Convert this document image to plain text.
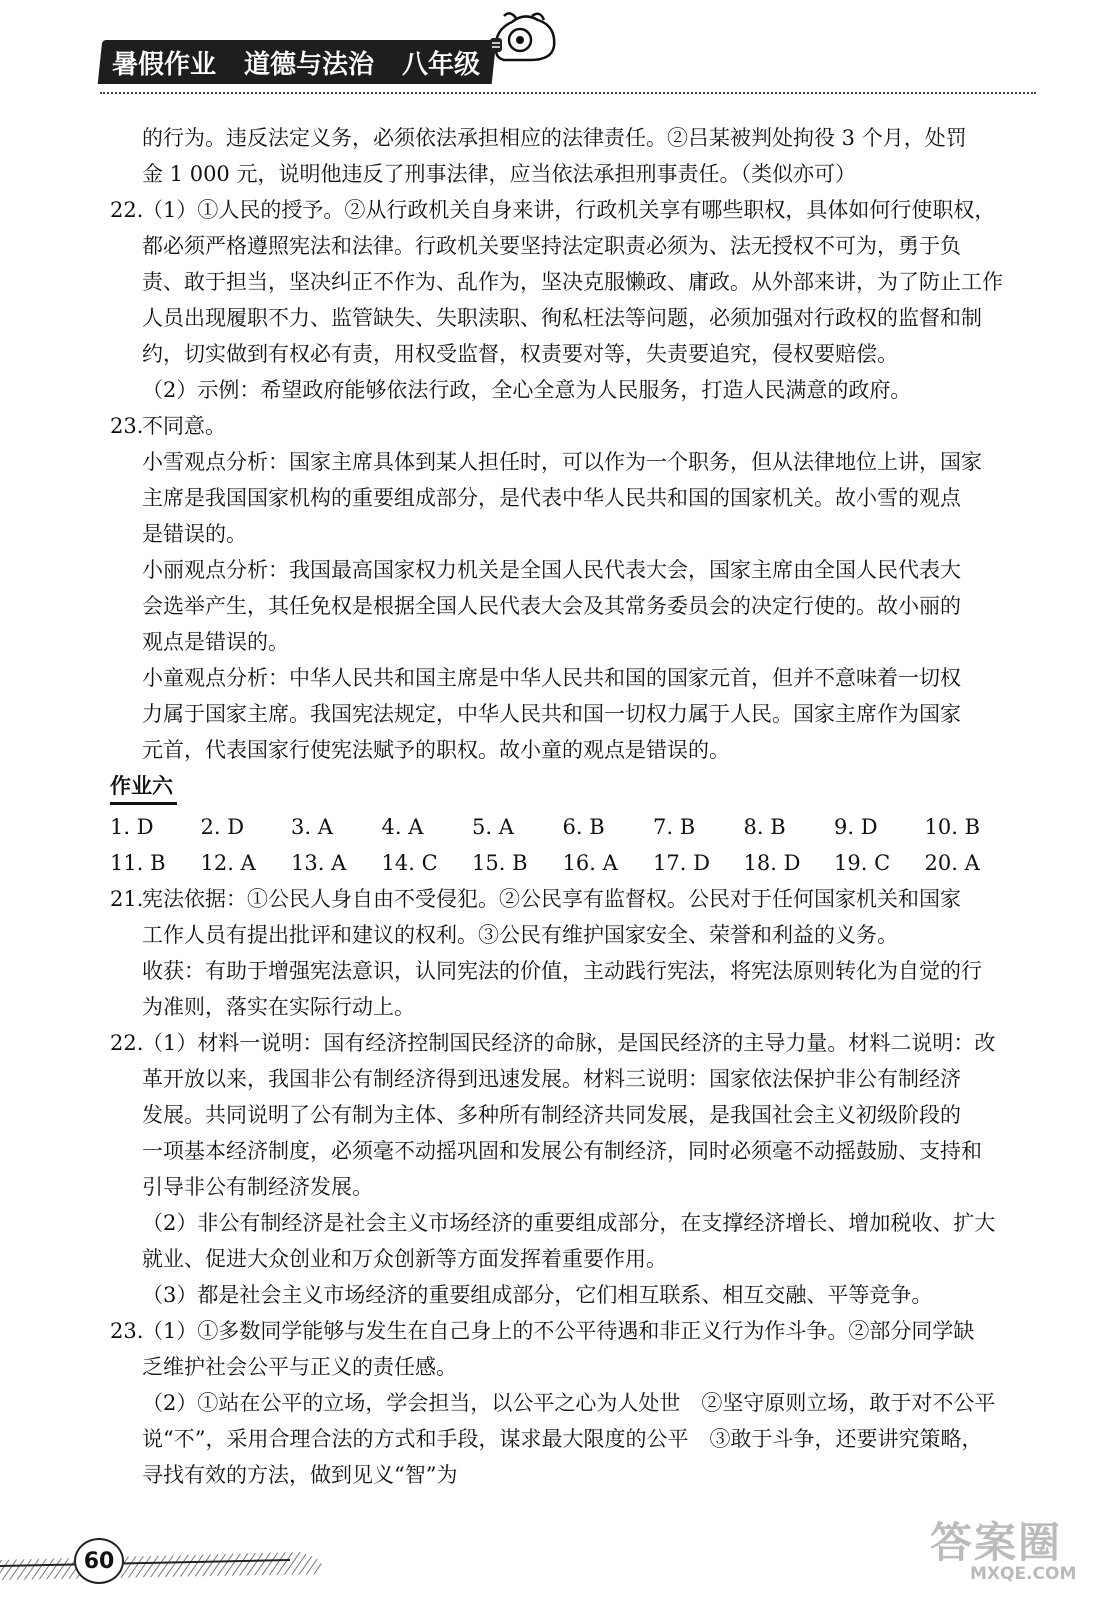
暑假作业 道德与法治 八年级

的行为。违反法定义务，必须依法承担相应的法律责任。②吕某被判处拘役 3 个月，处罚

金 1 000 元，说明他违反了刑事法律，应当依法承担刑事责任。（类似亦可）

22.

（1）①人民的授予。②从行政机关自身来讲，行政机关享有哪些职权，具体如何行使职权，

都必须严格遵照宪法和法律。行政机关要坚持法定职责必须为、法无授权不可为，勇于负

责、敢于担当，坚决纠正不作为、乱作为，坚决克服懒政、庸政。从外部来讲，为了防止工作

人员出现履职不力、监管缺失、失职渎职、徇私枉法等问题，必须加强对行政权的监督和制

约，切实做到有权必有责，用权受监督，权责要对等，失责要追究，侵权要赔偿。

（2）示例：希望政府能够依法行政，全心全意为人民服务，打造人民满意的政府。

23.

不同意。

小雪观点分析：国家主席具体到某人担任时，可以作为一个职务，但从法律地位上讲，国家

主席是我国国家机构的重要组成部分，是代表中华人民共和国的国家机关。故小雪的观点

是错误的。

小丽观点分析：我国最高国家权力机关是全国人民代表大会，国家主席由全国人民代表大

会选举产生，其任免权是根据全国人民代表大会及其常务委员会的决定行使的。故小丽的

观点是错误的。

小童观点分析：中华人民共和国主席是中华人民共和国的国家元首，但并不意味着一切权

力属于国家主席。我国宪法规定，中华人民共和国一切权力属于人民。国家主席作为国家

元首，代表国家行使宪法赋予的职权。故小童的观点是错误的。

作业六
1. D	2. D	3. A	4. A	5. A	6. B	7. B	8. B	9. D	10. B
11. B	12. A	13. A	14. C	15. B	16. A	17. D	18. D	19. C	20. A
21.

宪法依据：①公民人身自由不受侵犯。②公民享有监督权。公民对于任何国家机关和国家

工作人员有提出批评和建议的权利。③公民有维护国家安全、荣誉和利益的义务。

收获：有助于增强宪法意识，认同宪法的价值，主动践行宪法，将宪法原则转化为自觉的行

为准则，落实在实际行动上。

22.

（1）材料一说明：国有经济控制国民经济的命脉，是国民经济的主导力量。材料二说明：改

革开放以来，我国非公有制经济得到迅速发展。材料三说明：国家依法保护非公有制经济

发展。共同说明了公有制为主体、多种所有制经济共同发展，是我国社会主义初级阶段的

一项基本经济制度，必须毫不动摇巩固和发展公有制经济，同时必须毫不动摇鼓励、支持和

引导非公有制经济发展。

（2）非公有制经济是社会主义市场经济的重要组成部分，在支撑经济增长、增加税收、扩大

就业、促进大众创业和万众创新等方面发挥着重要作用。

（3）都是社会主义市场经济的重要组成部分，它们相互联系、相互交融、平等竞争。

23.

（1）①多数同学能够与发生在自己身上的不公平待遇和非正义行为作斗争。②部分同学缺

乏维护社会公平与正义的责任感。

（2）①站在公平的立场，学会担当，以公平之心为人处世　②坚守原则立场，敢于对不公平

说“不”，采用合理合法的方式和手段，谋求最大限度的公平　③敢于斗争，还要讲究策略，

寻找有效的方法，做到见义“智”为

60	答案圈
MXQE.COM
